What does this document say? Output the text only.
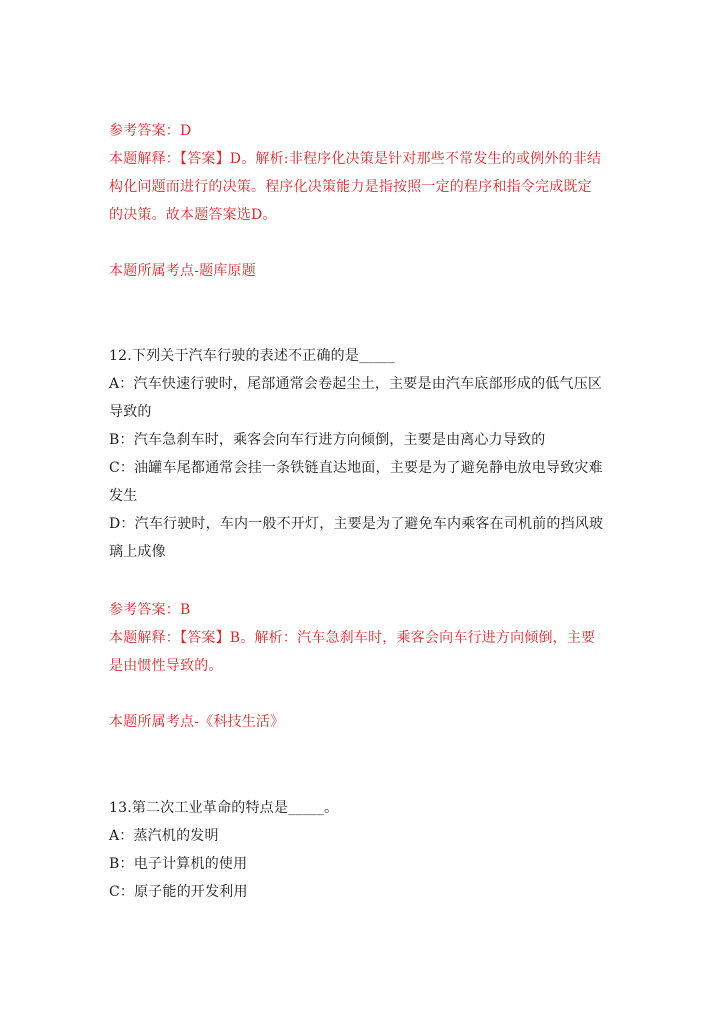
参考答案：D
本题解释：【答案】D。解析:非程序化决策是针对那些不常发生的或例外的非结
构化问题而进行的决策。程序化决策能力是指按照一定的程序和指令完成既定
的决策。故本题答案选D。
本题所属考点-题库原题
12.下列关于汽车行驶的表述不正确的是_____
A：汽车快速行驶时，尾部通常会卷起尘土，主要是由汽车底部形成的低气压区
导致的
B：汽车急刹车时，乘客会向车行进方向倾倒，主要是由离心力导致的
C：油罐车尾都通常会挂一条铁链直达地面，主要是为了避免静电放电导致灾难
发生
D：汽车行驶时，车内一般不开灯，主要是为了避免车内乘客在司机前的挡风玻
璃上成像
参考答案：B
本题解释：【答案】B。解析：汽车急刹车时，乘客会向车行进方向倾倒，主要
是由惯性导致的。
本题所属考点-《科技生活》
13.第二次工业革命的特点是_____。
A：蒸汽机的发明
B：电子计算机的使用
C：原子能的开发利用
